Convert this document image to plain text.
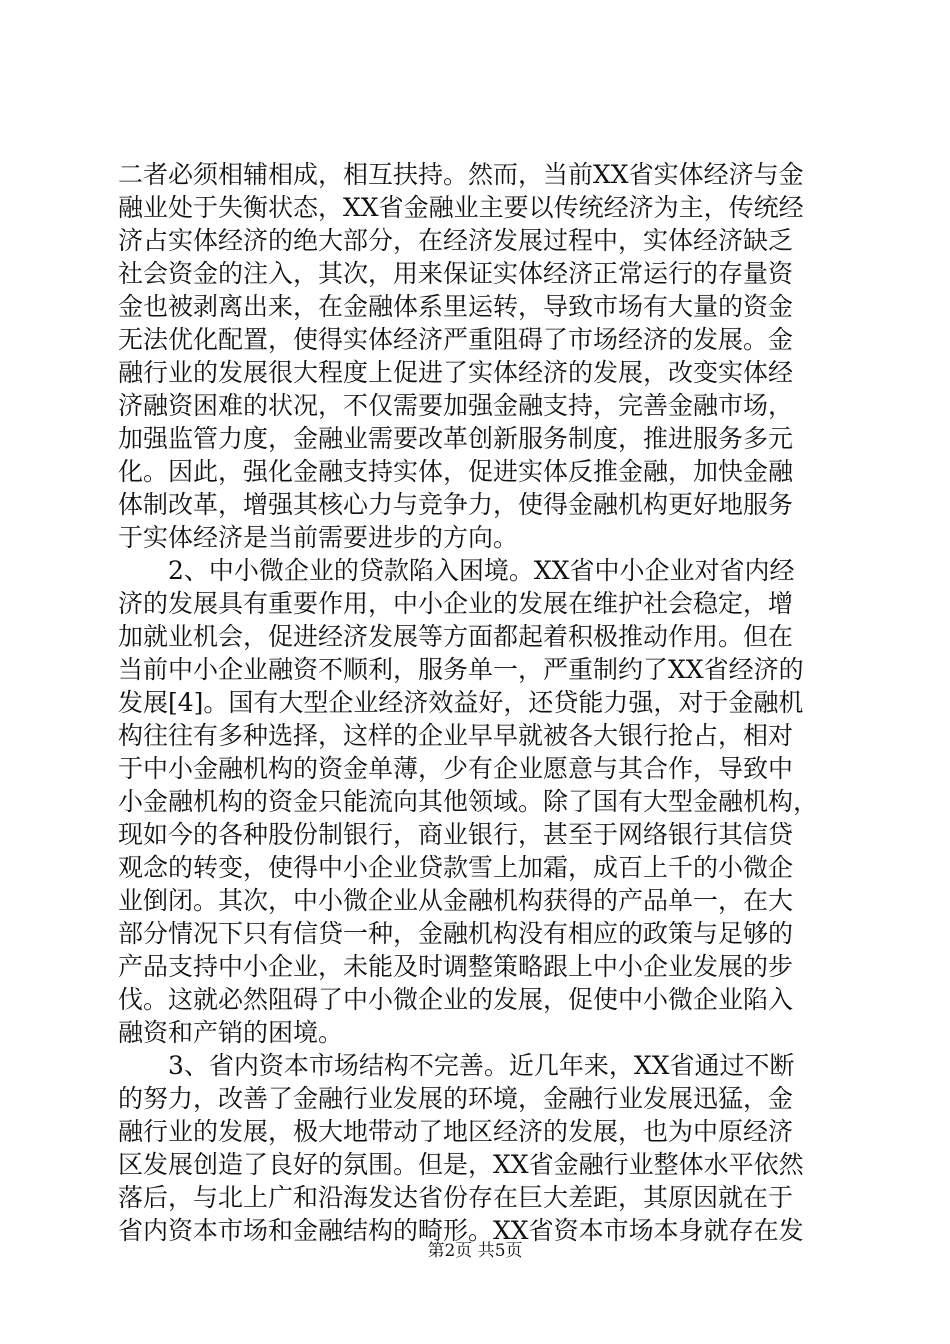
二者必须相辅相成，相互扶持。然而，当前XX省实体经济与金
融业处于失衡状态，XX省金融业主要以传统经济为主，传统经
济占实体经济的绝大部分，在经济发展过程中，实体经济缺乏
社会资金的注入，其次，用来保证实体经济正常运行的存量资
金也被剥离出来，在金融体系里运转，导致市场有大量的资金
无法优化配置，使得实体经济严重阻碍了市场经济的发展。金
融行业的发展很大程度上促进了实体经济的发展，改变实体经
济融资困难的状况，不仅需要加强金融支持，完善金融市场，
加强监管力度，金融业需要改革创新服务制度，推进服务多元
化。因此，强化金融支持实体，促进实体反推金融，加快金融
体制改革，增强其核心力与竞争力，使得金融机构更好地服务
于实体经济是当前需要进步的方向。
2、中小微企业的贷款陷入困境。XX省中小企业对省内经
济的发展具有重要作用，中小企业的发展在维护社会稳定，增
加就业机会，促进经济发展等方面都起着积极推动作用。但在
当前中小企业融资不顺利，服务单一，严重制约了XX省经济的
发展[4]。国有大型企业经济效益好，还贷能力强，对于金融机
构往往有多种选择，这样的企业早早就被各大银行抢占，相对
于中小金融机构的资金单薄，少有企业愿意与其合作，导致中
小金融机构的资金只能流向其他领域。除了国有大型金融机构，
现如今的各种股份制银行，商业银行，甚至于网络银行其信贷
观念的转变，使得中小企业贷款雪上加霜，成百上千的小微企
业倒闭。其次，中小微企业从金融机构获得的产品单一，在大
部分情况下只有信贷一种，金融机构没有相应的政策与足够的
产品支持中小企业，未能及时调整策略跟上中小企业发展的步
伐。这就必然阻碍了中小微企业的发展，促使中小微企业陷入
融资和产销的困境。
3、省内资本市场结构不完善。近几年来，XX省通过不断
的努力，改善了金融行业发展的环境，金融行业发展迅猛，金
融行业的发展，极大地带动了地区经济的发展，也为中原经济
区发展创造了良好的氛围。但是，XX省金融行业整体水平依然
落后，与北上广和沿海发达省份存在巨大差距，其原因就在于
省内资本市场和金融结构的畸形。XX省资本市场本身就存在发
第2页 共5页
